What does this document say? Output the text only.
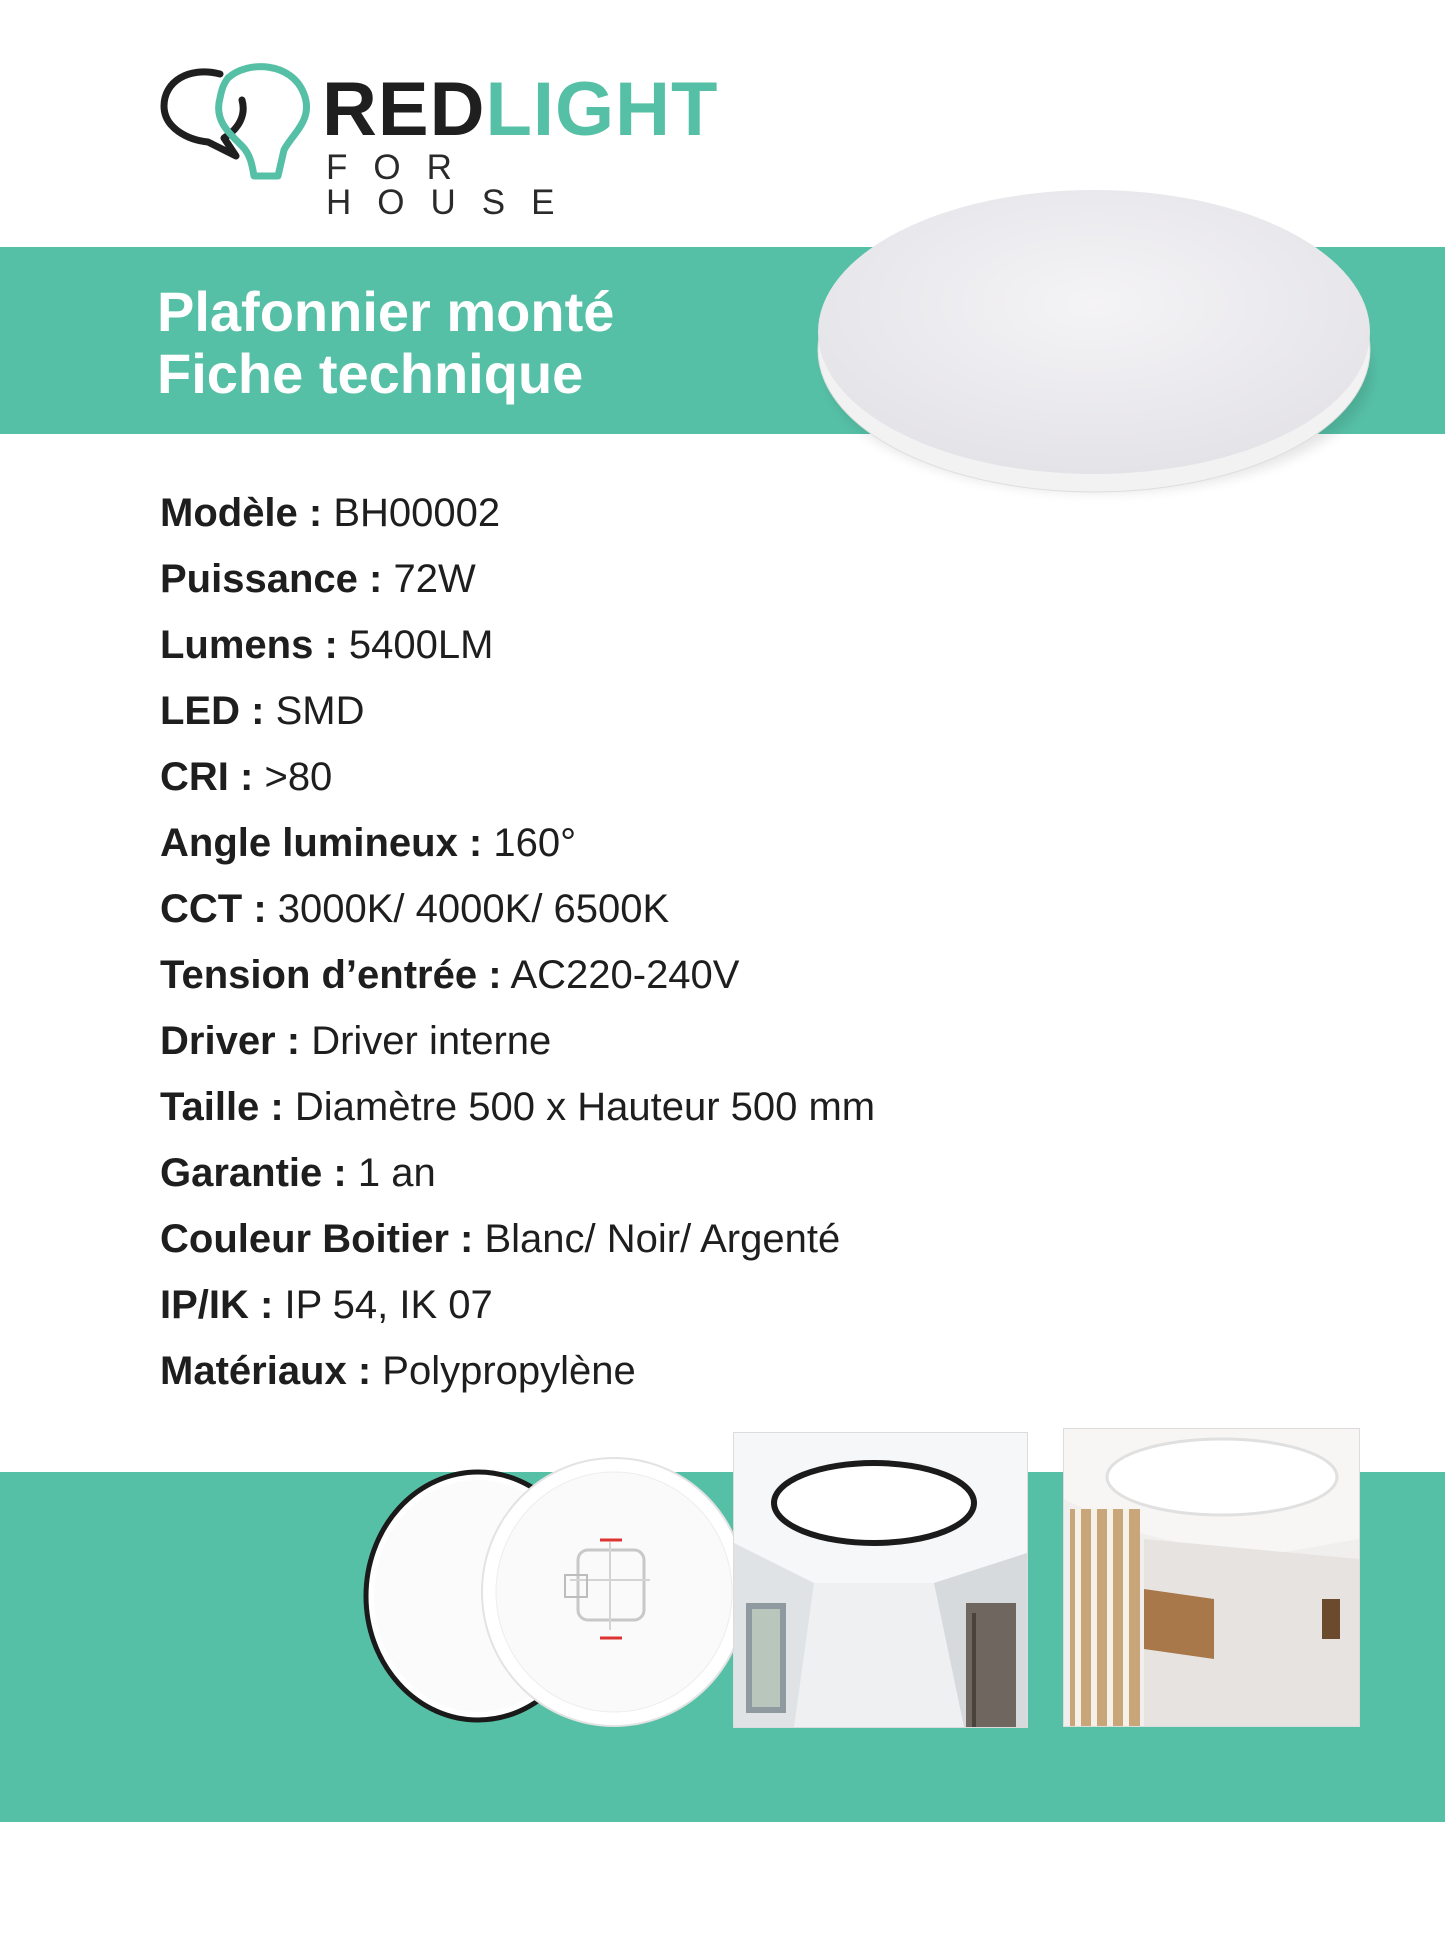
REDLIGHT
FOR HOUSE
Plafonnier monté
Fiche technique
Modèle : BH00002
Puissance : 72W
Lumens : 5400LM
LED : SMD
CRI : >80
Angle lumineux : 160°
CCT : 3000K/ 4000K/ 6500K
Tension d’entrée : AC220-240V
Driver : Driver interne
Taille : Diamètre 500 x Hauteur 500 mm
Garantie : 1 an
Couleur Boitier : Blanc/ Noir/ Argenté
IP/IK : IP 54, IK 07
Matériaux : Polypropylène
